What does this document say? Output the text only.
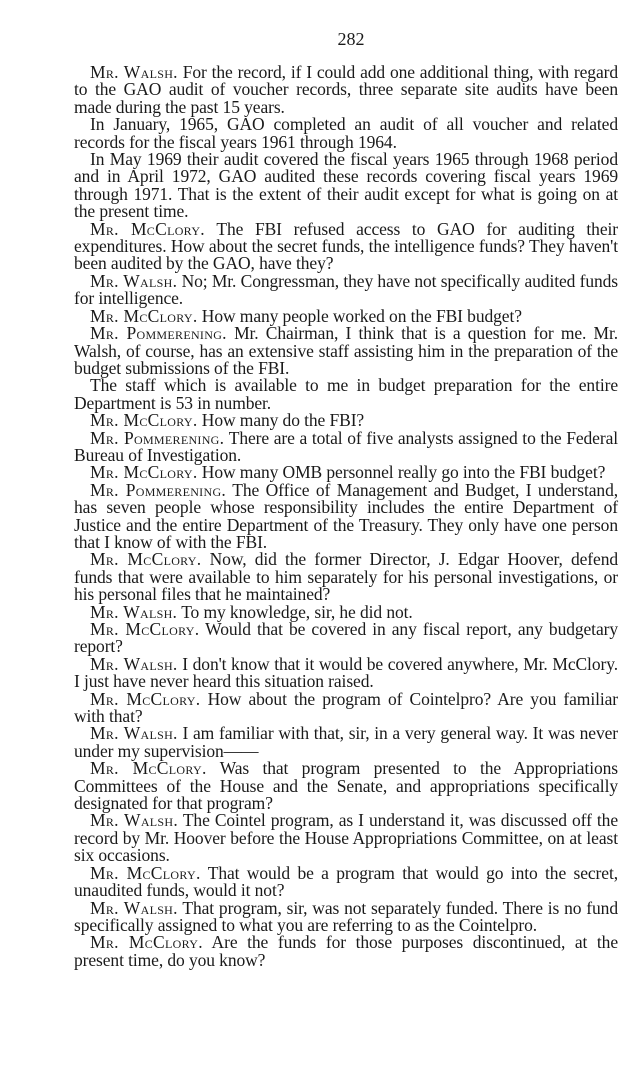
282

Mr. Walsh. For the record, if I could add one additional thing, with regard to the GAO audit of voucher records, three separate site audits have been made during the past 15 years.

In January, 1965, GAO completed an audit of all voucher and related records for the fiscal years 1961 through 1964.

In May 1969 their audit covered the fiscal years 1965 through 1968 period and in April 1972, GAO audited these records covering fiscal years 1969 through 1971. That is the extent of their audit except for what is going on at the present time.

Mr. McClory. The FBI refused access to GAO for auditing their expenditures. How about the secret funds, the intelligence funds? They haven't been audited by the GAO, have they?

Mr. Walsh. No; Mr. Congressman, they have not specifically audited funds for intelligence.

Mr. McClory. How many people worked on the FBI budget?

Mr. Pommerening. Mr. Chairman, I think that is a question for me. Mr. Walsh, of course, has an extensive staff assisting him in the preparation of the budget submissions of the FBI.

The staff which is available to me in budget preparation for the entire Department is 53 in number.

Mr. McClory. How many do the FBI?

Mr. Pommerening. There are a total of five analysts assigned to the Federal Bureau of Investigation.

Mr. McClory. How many OMB personnel really go into the FBI budget?

Mr. Pommerening. The Office of Management and Budget, I understand, has seven people whose responsibility includes the entire Department of Justice and the entire Department of the Treasury. They only have one person that I know of with the FBI.

Mr. McClory. Now, did the former Director, J. Edgar Hoover, defend funds that were available to him separately for his personal investigations, or his personal files that he maintained?

Mr. Walsh. To my knowledge, sir, he did not.

Mr. McClory. Would that be covered in any fiscal report, any budgetary report?

Mr. Walsh. I don't know that it would be covered anywhere, Mr. McClory. I just have never heard this situation raised.

Mr. McClory. How about the program of Cointelpro? Are you familiar with that?

Mr. Walsh. I am familiar with that, sir, in a very general way. It was never under my supervision——

Mr. McClory. Was that program presented to the Appropriations Committees of the House and the Senate, and appropriations specifically designated for that program?

Mr. Walsh. The Cointel program, as I understand it, was discussed off the record by Mr. Hoover before the House Appropriations Committee, on at least six occasions.

Mr. McClory. That would be a program that would go into the secret, unaudited funds, would it not?

Mr. Walsh. That program, sir, was not separately funded. There is no fund specifically assigned to what you are referring to as the Cointelpro.

Mr. McClory. Are the funds for those purposes discontinued, at the present time, do you know?
